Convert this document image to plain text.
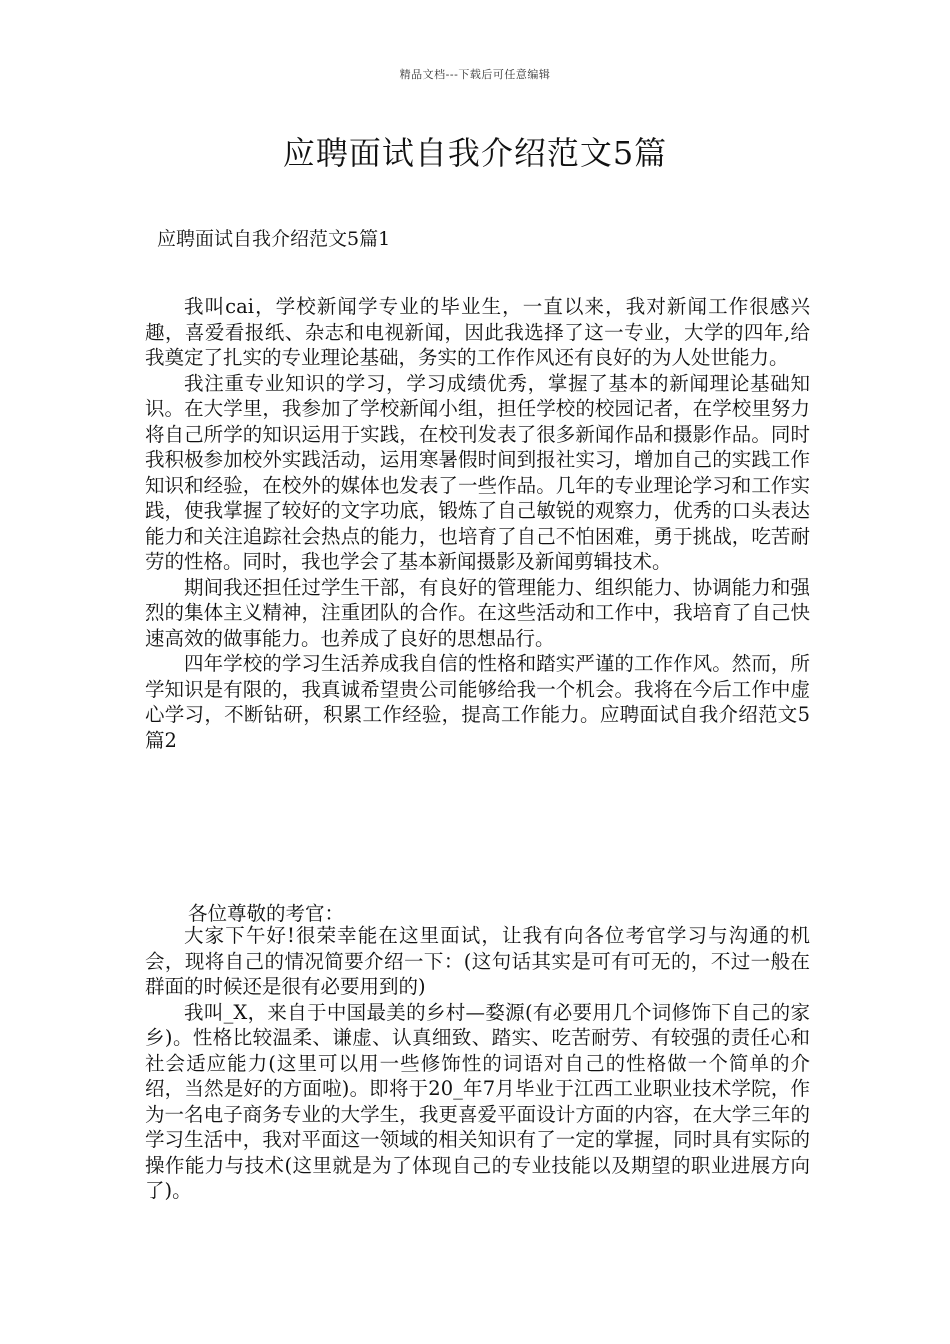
精品文档---下载后可任意编辑
应聘面试自我介绍范文5篇
应聘面试自我介绍范文5篇1

我叫cai，学校新闻学专业的毕业生，一直以来，我对新闻工作很感兴趣，喜爱看报纸、杂志和电视新闻，因此我选择了这一专业，大学的四年,给我奠定了扎实的专业理论基础，务实的工作作风还有良好的为人处世能力。

我注重专业知识的学习，学习成绩优秀，掌握了基本的新闻理论基础知识。在大学里，我参加了学校新闻小组，担任学校的校园记者，在学校里努力将自己所学的知识运用于实践，在校刊发表了很多新闻作品和摄影作品。同时我积极参加校外实践活动，运用寒暑假时间到报社实习，增加自己的实践工作知识和经验，在校外的媒体也发表了一些作品。几年的专业理论学习和工作实践，使我掌握了较好的文字功底，锻炼了自己敏锐的观察力，优秀的口头表达能力和关注追踪社会热点的能力，也培育了自己不怕困难，勇于挑战，吃苦耐劳的性格。同时，我也学会了基本新闻摄影及新闻剪辑技术。

期间我还担任过学生干部，有良好的管理能力、组织能力、协调能力和强烈的集体主义精神，注重团队的合作。在这些活动和工作中，我培育了自己快速高效的做事能力。也养成了良好的思想品行。

四年学校的学习生活养成我自信的性格和踏实严谨的工作作风。然而，所学知识是有限的，我真诚希望贵公司能够给我一个机会。我将在今后工作中虚心学习，不断钻研，积累工作经验，提高工作能力。应聘面试自我介绍范文5篇2

各位尊敬的考官：

大家下午好!很荣幸能在这里面试，让我有向各位考官学习与沟通的机会，现将自己的情况简要介绍一下：(这句话其实是可有可无的，不过一般在群面的时候还是很有必要用到的)

我叫_X，来自于中国最美的乡村—婺源(有必要用几个词修饰下自己的家乡)。性格比较温柔、谦虚、认真细致、踏实、吃苦耐劳、有较强的责任心和社会适应能力(这里可以用一些修饰性的词语对自己的性格做一个简单的介绍，当然是好的方面啦)。即将于20_年7月毕业于江西工业职业技术学院，作为一名电子商务专业的大学生，我更喜爱平面设计方面的内容，在大学三年的学习生活中，我对平面这一领域的相关知识有了一定的掌握，同时具有实际的操作能力与技术(这里就是为了体现自己的专业技能以及期望的职业进展方向了)。
